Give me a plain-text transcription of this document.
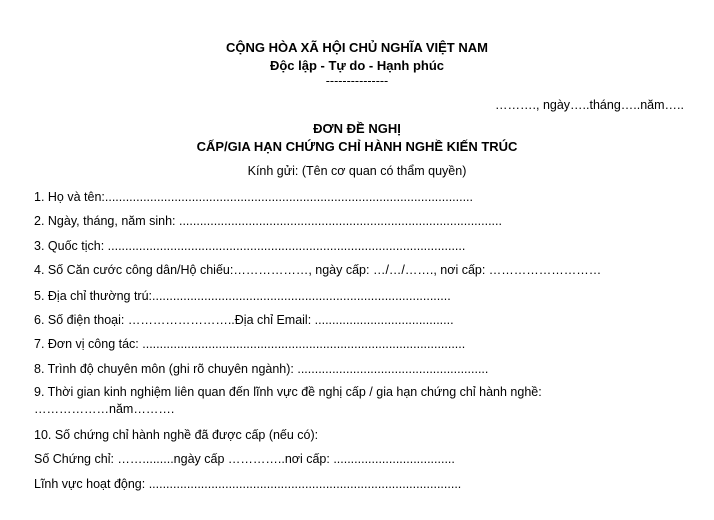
CỘNG HÒA XÃ HỘI CHỦ NGHĨA VIỆT NAM
Độc lập - Tự do - Hạnh phúc
---------------
………., ngày…..tháng…..năm…..
ĐƠN ĐỀ NGHỊ
CẤP/GIA HẠN CHỨNG CHỈ HÀNH NGHỀ KIẾN TRÚC
Kính gửi: (Tên cơ quan có thẩm quyền)
1. Họ và tên:..........................................................................................................
2. Ngày, tháng, năm sinh: .............................................................................................
3. Quốc tịch: .......................................................................................................
4. Số Căn cước công dân/Hộ chiếu:………………, ngày cấp: …/…/……., nơi cấp: ………………………
5. Địa chỉ thường trú:......................................................................................
6. Số điện thoại: ……………………..Địa chỉ Email: ........................................
7. Đơn vị công tác: .............................................................................................
8. Trình độ chuyên môn (ghi rõ chuyên ngành): .......................................................
9. Thời gian kinh nghiệm liên quan đến lĩnh vực đề nghị cấp / gia hạn chứng chỉ hành nghề:
………………năm……….
10. Số chứng chỉ hành nghề đã được cấp (nếu có):
Số Chứng chỉ: …….........ngày cấp …………..nơi cấp: ...................................
Lĩnh vực hoạt động: ..........................................................................................
